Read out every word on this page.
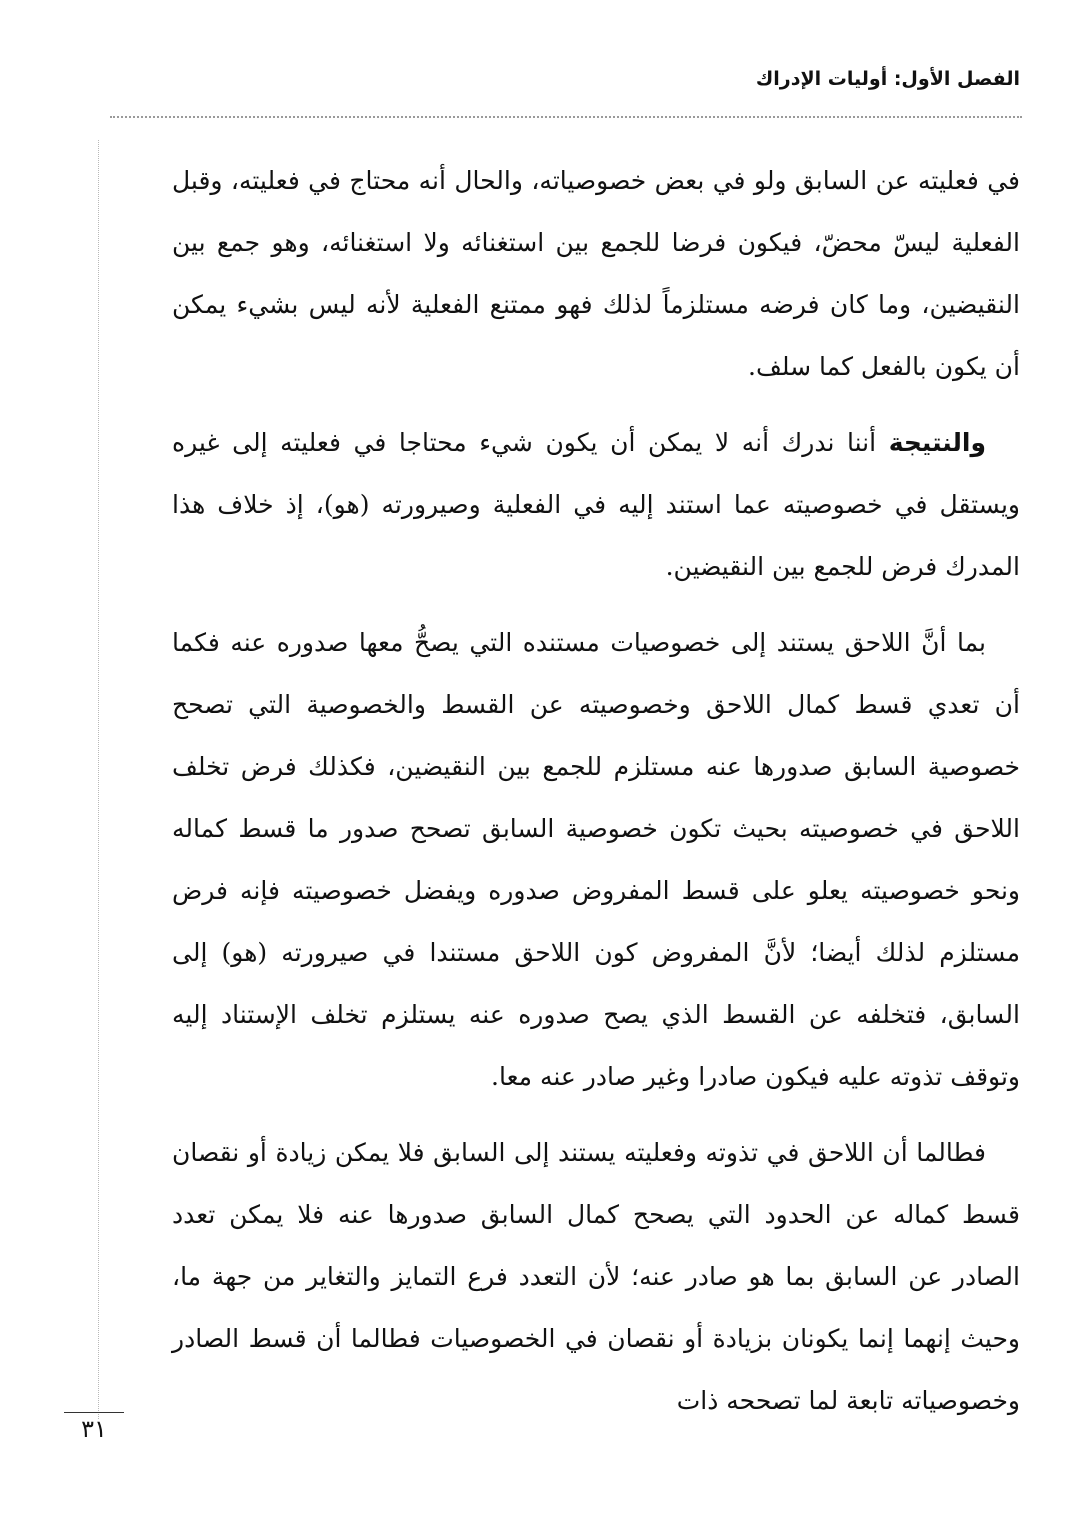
الفصل الأول: أوليات الإدراك

في فعليته عن السابق ولو في بعض خصوصياته، والحال أنه محتاج في فعليته، وقبل الفعلية ليسّ محضّ، فيكون فرضا للجمع بين استغنائه ولا استغنائه، وهو جمع بين النقيضين، وما كان فرضه مستلزماً لذلك فهو ممتنع الفعلية لأنه ليس بشيء يمكن أن يكون بالفعل كما سلف.

والنتيجة أننا ندرك أنه لا يمكن أن يكون شيء محتاجا في فعليته إلى غيره ويستقل في خصوصيته عما استند إليه في الفعلية وصيرورته (هو)، إذ خلاف هذا المدرك فرض للجمع بين النقيضين.

بما أنَّ اللاحق يستند إلى خصوصيات مستنده التي يصحُّ معها صدوره عنه فكما أن تعدي قسط كمال اللاحق وخصوصيته عن القسط والخصوصية التي تصحح خصوصية السابق صدورها عنه مستلزم للجمع بين النقيضين، فكذلك فرض تخلف اللاحق في خصوصيته بحيث تكون خصوصية السابق تصحح صدور ما قسط كماله ونحو خصوصيته يعلو على قسط المفروض صدوره ويفضل خصوصيته فإنه فرض مستلزم لذلك أيضا؛ لأنَّ المفروض كون اللاحق مستندا في صيرورته (هو) إلى السابق، فتخلفه عن القسط الذي يصح صدوره عنه يستلزم تخلف الإستناد إليه وتوقف تذوته عليه فيكون صادرا وغير صادر عنه معا.

فطالما أن اللاحق في تذوته وفعليته يستند إلى السابق فلا يمكن زيادة أو نقصان قسط كماله عن الحدود التي يصحح كمال السابق صدورها عنه فلا يمكن تعدد الصادر عن السابق بما هو صادر عنه؛ لأن التعدد فرع التمايز والتغاير من جهة ما، وحيث إنهما إنما يكونان بزيادة أو نقصان في الخصوصيات فطالما أن قسط الصادر وخصوصياته تابعة لما تصححه ذات

٣١
